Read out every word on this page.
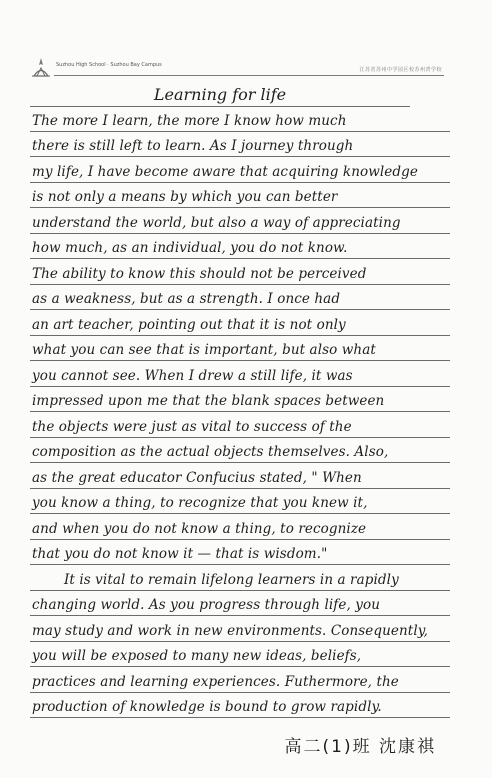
Suzhou High School · Suzhou Bay Campus
江苏省苏州中学园区校苏州湾学校
Learning for life
The more I learn, the more I know how much
there is still left to learn. As I journey through
my life, I have become aware that acquiring knowledge
is not only a means by which you can better
understand the world, but also a way of appreciating
how much, as an individual, you do not know.
The ability to know this should not be perceived
as a weakness, but as a strength. I once had
an art teacher, pointing out that it is not only
what you can see that is important, but also what
you cannot see. When I drew a still life, it was
impressed upon me that the blank spaces between
the objects were just as vital to success of the
composition as the actual objects themselves. Also,
as the great educator Confucius stated, " When
you know a thing, to recognize that you knew it,
and when you do not know a thing, to recognize
that you do not know it — that is wisdom."
It is vital to remain lifelong learners in a rapidly
changing world. As you progress through life, you
may study and work in new environments. Consequently,
you will be exposed to many new ideas, beliefs,
practices and learning experiences. Futhermore, the
production of knowledge is bound to grow rapidly.
高二(1)班 沈康祺
